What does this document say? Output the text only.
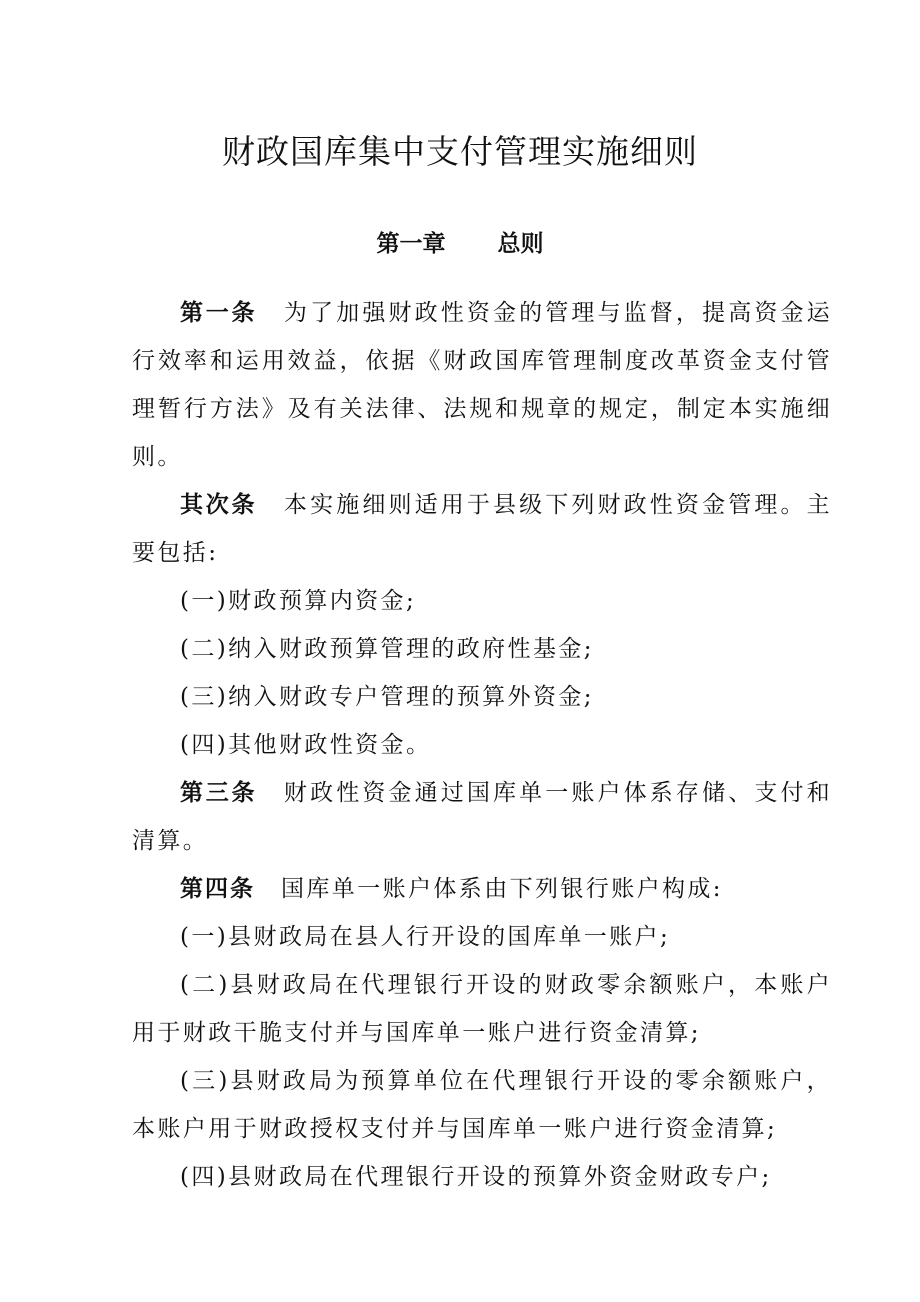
财政国库集中支付管理实施细则
第一章 总则

第一条 为了加强财政性资金的管理与监督，提高资金运行效率和运用效益，依据《财政国库管理制度改革资金支付管理暂行方法》及有关法律、法规和规章的规定，制定本实施细则。

其次条 本实施细则适用于县级下列财政性资金管理。主要包括:

(一)财政预算内资金;

(二)纳入财政预算管理的政府性基金;

(三)纳入财政专户管理的预算外资金;

(四)其他财政性资金。

第三条 财政性资金通过国库单一账户体系存储、支付和清算。

第四条 国库单一账户体系由下列银行账户构成:

(一)县财政局在县人行开设的国库单一账户;

(二)县财政局在代理银行开设的财政零余额账户，本账户用于财政干脆支付并与国库单一账户进行资金清算;

(三)县财政局为预算单位在代理银行开设的零余额账户，本账户用于财政授权支付并与国库单一账户进行资金清算;

(四)县财政局在代理银行开设的预算外资金财政专户;
